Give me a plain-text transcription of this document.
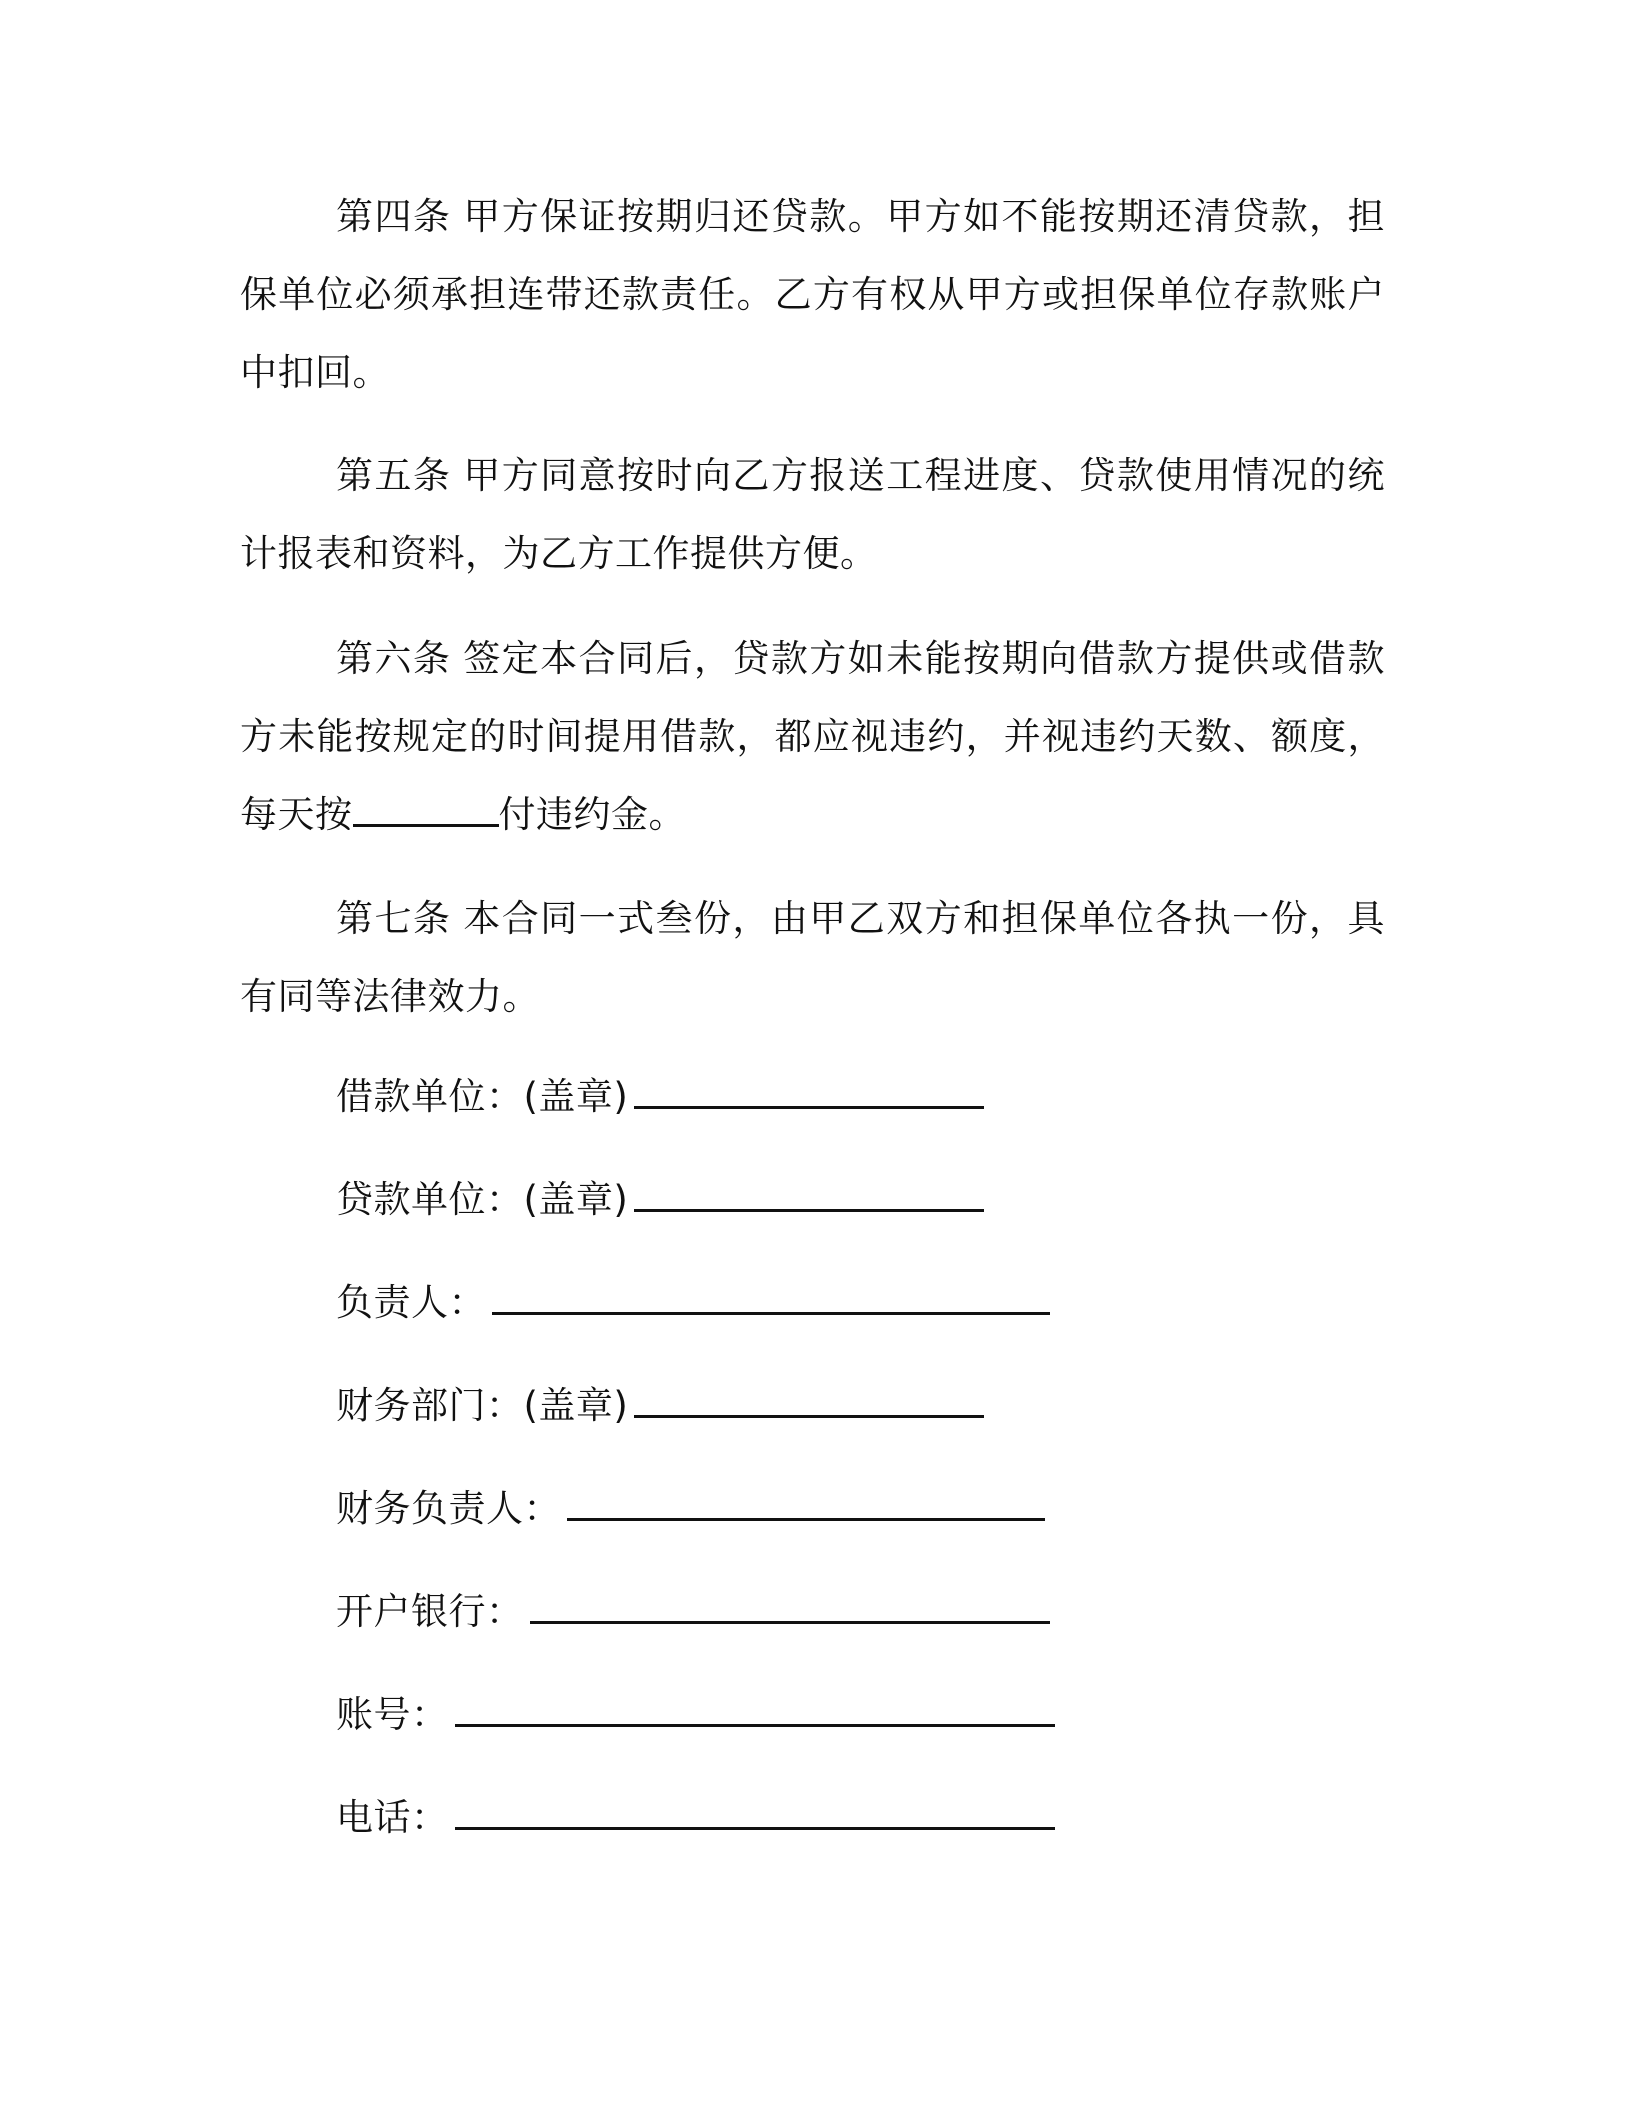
第四条 甲方保证按期归还贷款。甲方如不能按期还清贷款，担保单位必须承担连带还款责任。乙方有权从甲方或担保单位存款账户中扣回。

第五条 甲方同意按时向乙方报送工程进度、贷款使用情况的统计报表和资料，为乙方工作提供方便。

第六条 签定本合同后，贷款方如未能按期向借款方提供或借款方未能按规定的时间提用借款，都应视违约，并视违约天数、额度，每天按	付违约金。

第七条 本合同一式叁份，由甲乙双方和担保单位各执一份，具有同等法律效力。

借款单位：(盖章)

贷款单位：(盖章)

负责人：

财务部门：(盖章)

财务负责人：

开户银行：

账号：

电话：
